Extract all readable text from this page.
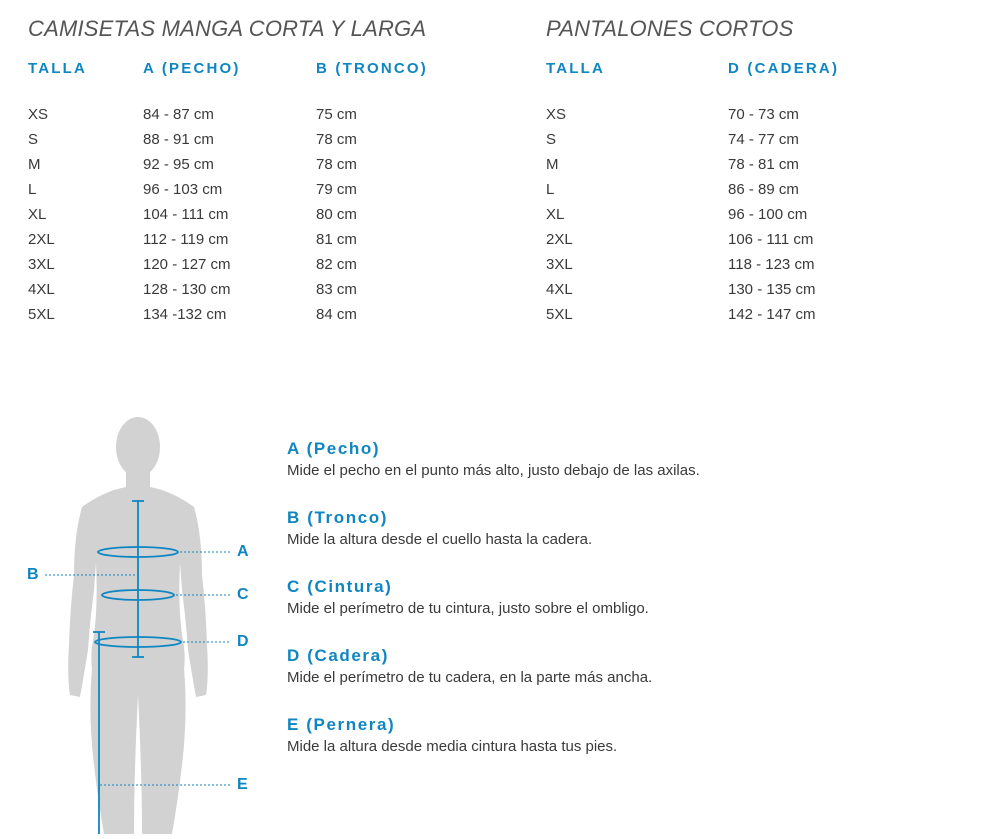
CAMISETAS MANGA CORTA Y LARGA
TALLA
XS
S
M
L
XL
2XL
3XL
4XL
5XL
A (PECHO)
84 - 87 cm
88 - 91 cm
92 - 95 cm
96 - 103 cm
104 - 111 cm
112 - 119 cm
120 - 127 cm
128 - 130 cm
134 -132 cm
B (TRONCO)
75 cm
78 cm
78 cm
79 cm
80 cm
81 cm
82 cm
83 cm
84 cm
PANTALONES CORTOS
TALLA
XS
S
M
L
XL
2XL
3XL
4XL
5XL
D (CADERA)
70 - 73 cm
74 - 77 cm
78 - 81 cm
86 - 89 cm
96 - 100 cm
106 - 111 cm
118 - 123 cm
130 - 135 cm
142 - 147 cm
A
B
C
D
E
A (Pecho)

Mide el pecho en el punto más alto, justo debajo de las axilas.

B (Tronco)

Mide la altura desde el cuello hasta la cadera.

C (Cintura)

Mide el perímetro de tu cintura, justo sobre el ombligo.

D (Cadera)

Mide el perímetro de tu cadera, en la parte más ancha.

E (Pernera)

Mide la altura desde media cintura hasta tus pies.
